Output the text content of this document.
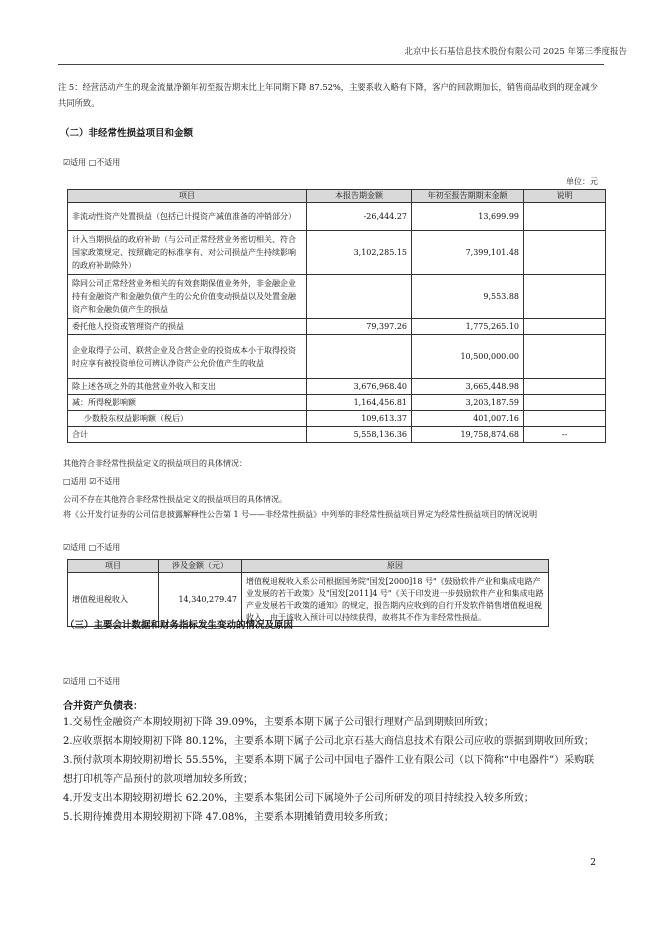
北京中长石基信息技术股份有限公司 2025 年第三季度报告
注 5：经营活动产生的现金流量净额年初至报告期末比上年同期下降 87.52%，主要系收入略有下降，客户的回款期加长，销售商品收到的现金减少共同所致。
（二）非经常性损益项目和金额
☑适用 □不适用
单位：元
项目	本报告期金额	年初至报告期期末金额	说明
非流动性资产处置损益（包括已计提资产减值准备的冲销部分）	-26,444.27	13,699.99	
计入当期损益的政府补助（与公司正常经营业务密切相关、符合国家政策规定、按照确定的标准享有、对公司损益产生持续影响的政府补助除外）	3,102,285.15	7,399,101.48	
除同公司正常经营业务相关的有效套期保值业务外，非金融企业持有金融资产和金融负债产生的公允价值变动损益以及处置金融资产和金融负债产生的损益		9,553.88	
委托他人投资或管理资产的损益	79,397.26	1,775,265.10	
企业取得子公司、联营企业及合营企业的投资成本小于取得投资时应享有被投资单位可辨认净资产公允价值产生的收益		10,500,000.00	
除上述各项之外的其他营业外收入和支出	3,676,968.40	3,665,448.98	
减：所得税影响额	1,164,456.81	3,203,187.59	
少数股东权益影响额（税后）	109,613.37	401,007.16	
合计	5,558,136.36	19,758,874.68	--
其他符合非经常性损益定义的损益项目的具体情况：
□适用 ☑不适用
公司不存在其他符合非经常性损益定义的损益项目的具体情况。
将《公开发行证券的公司信息披露解释性公告第 1 号——非经常性损益》中列举的非经常性损益项目界定为经常性损益项目的情况说明
☑适用 □不适用
项目	涉及金额（元）	原因
增值税退税收入	14,340,279.47	增值税退税收入系公司根据国务院"国发[2000]18 号"《鼓励软件产业和集成电路产业发展的若干政策》及"国发[2011]4 号"《关于印发进一步鼓励软件产业和集成电路产业发展若干政策的通知》的规定，报告期内应收到的自行开发软件销售增值税退税收入，由于该收入预计可以持续获得，故将其不作为非经常性损益。
（三）主要会计数据和财务指标发生变动的情况及原因
☑适用 □不适用
合并资产负债表：
1.交易性金融资产本期较期初下降 39.09%，主要系本期下属子公司银行理财产品到期赎回所致；
2.应收票据本期较期初下降 80.12%，主要系本期下属子公司北京石基大商信息技术有限公司应收的票据到期收回所致；
3.预付款项本期较期初增长 55.55%，主要系本期下属子公司中国电子器件工业有限公司（以下简称“中电器件”）采购联想打印机等产品预付的款项增加较多所致；
4.开发支出本期较期初增长 62.20%，主要系本集团公司下属境外子公司所研发的项目持续投入较多所致；
5.长期待摊费用本期较期初下降 47.08%，主要系本期摊销费用较多所致；
2
